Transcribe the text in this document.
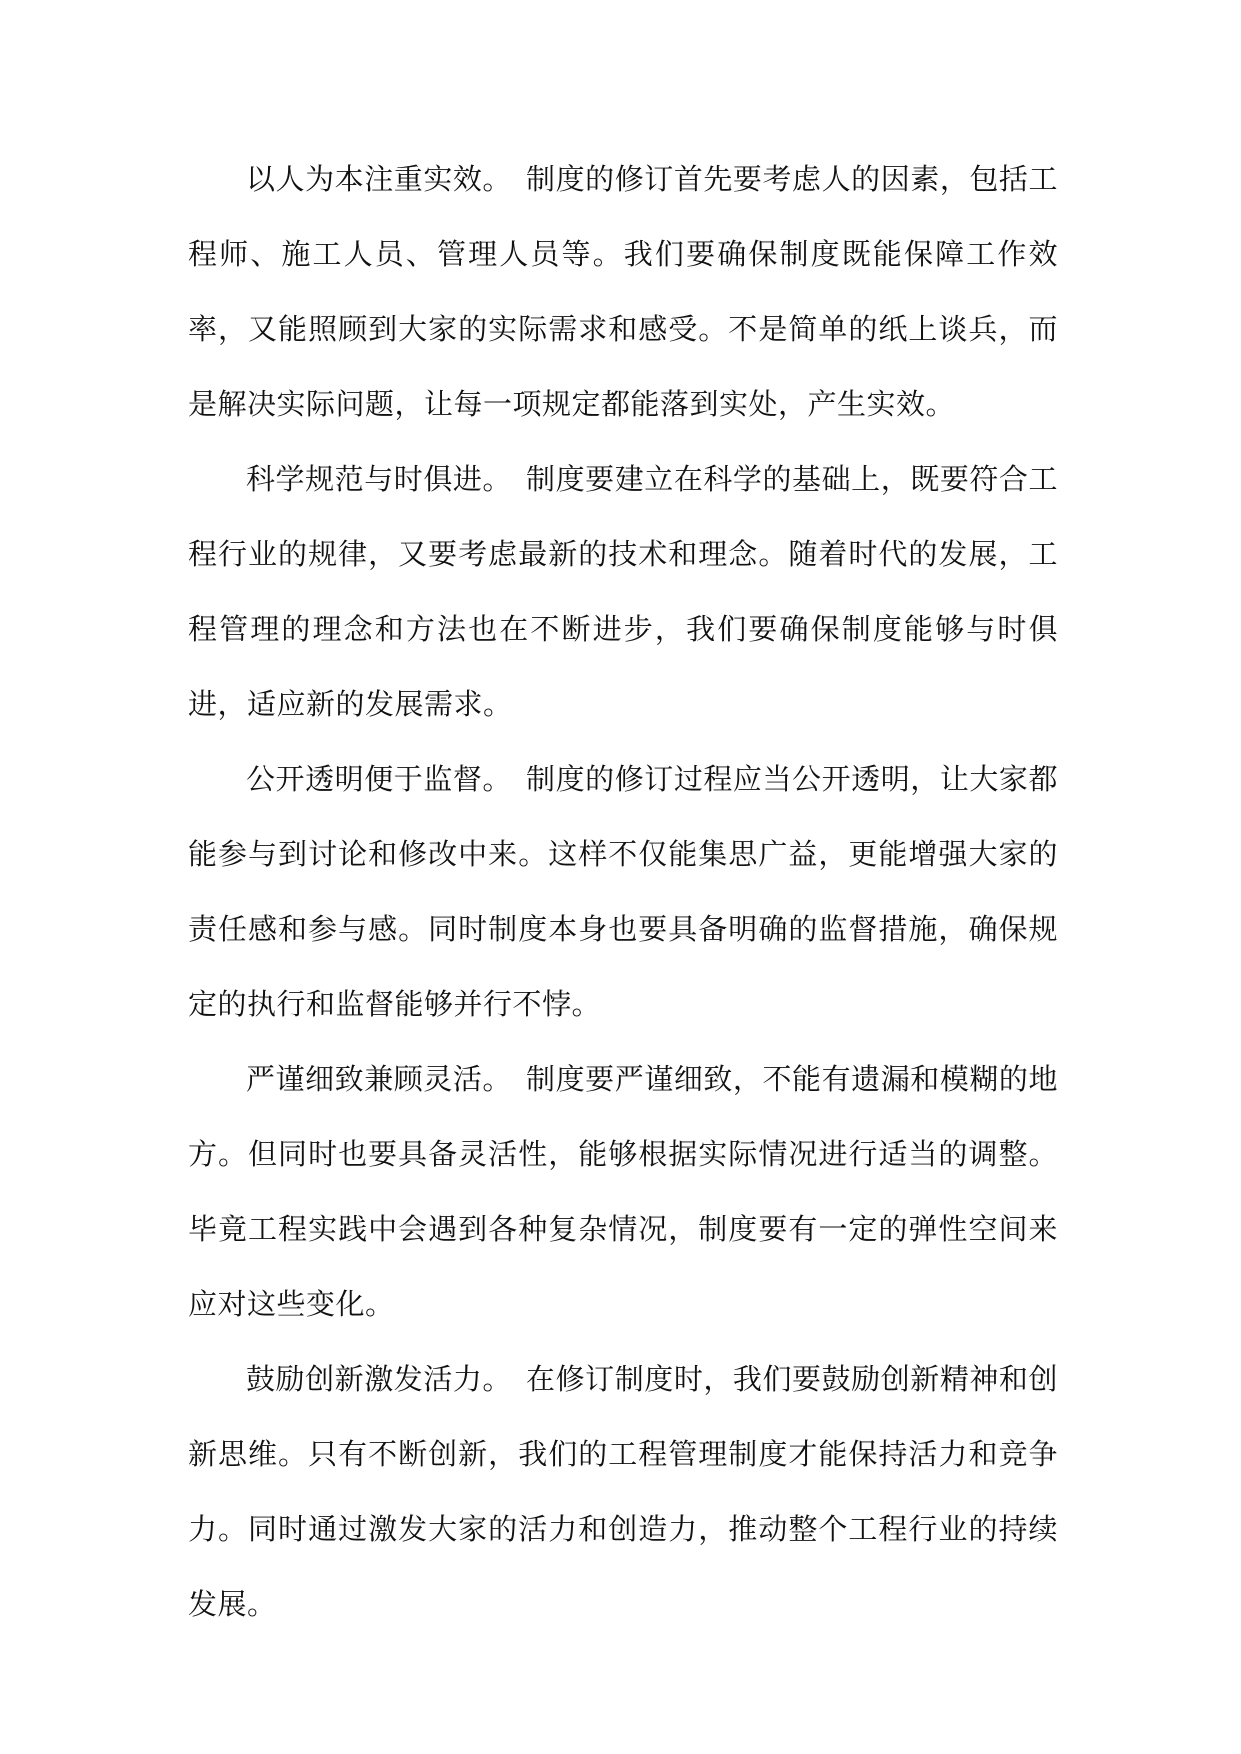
以人为本注重实效。 制度的修订首先要考虑人的因素，包括工程师、施工人员、管理人员等。我们要确保制度既能保障工作效率，又能照顾到大家的实际需求和感受。不是简单的纸上谈兵，而是解决实际问题，让每一项规定都能落到实处，产生实效。

科学规范与时俱进。 制度要建立在科学的基础上，既要符合工程行业的规律，又要考虑最新的技术和理念。随着时代的发展，工程管理的理念和方法也在不断进步，我们要确保制度能够与时俱进，适应新的发展需求。

公开透明便于监督。 制度的修订过程应当公开透明，让大家都能参与到讨论和修改中来。这样不仅能集思广益，更能增强大家的责任感和参与感。同时制度本身也要具备明确的监督措施，确保规定的执行和监督能够并行不悖。

严谨细致兼顾灵活。 制度要严谨细致，不能有遗漏和模糊的地方。但同时也要具备灵活性，能够根据实际情况进行适当的调整。毕竟工程实践中会遇到各种复杂情况，制度要有一定的弹性空间来应对这些变化。

鼓励创新激发活力。 在修订制度时，我们要鼓励创新精神和创新思维。只有不断创新，我们的工程管理制度才能保持活力和竞争力。同时通过激发大家的活力和创造力，推动整个工程行业的持续发展。
